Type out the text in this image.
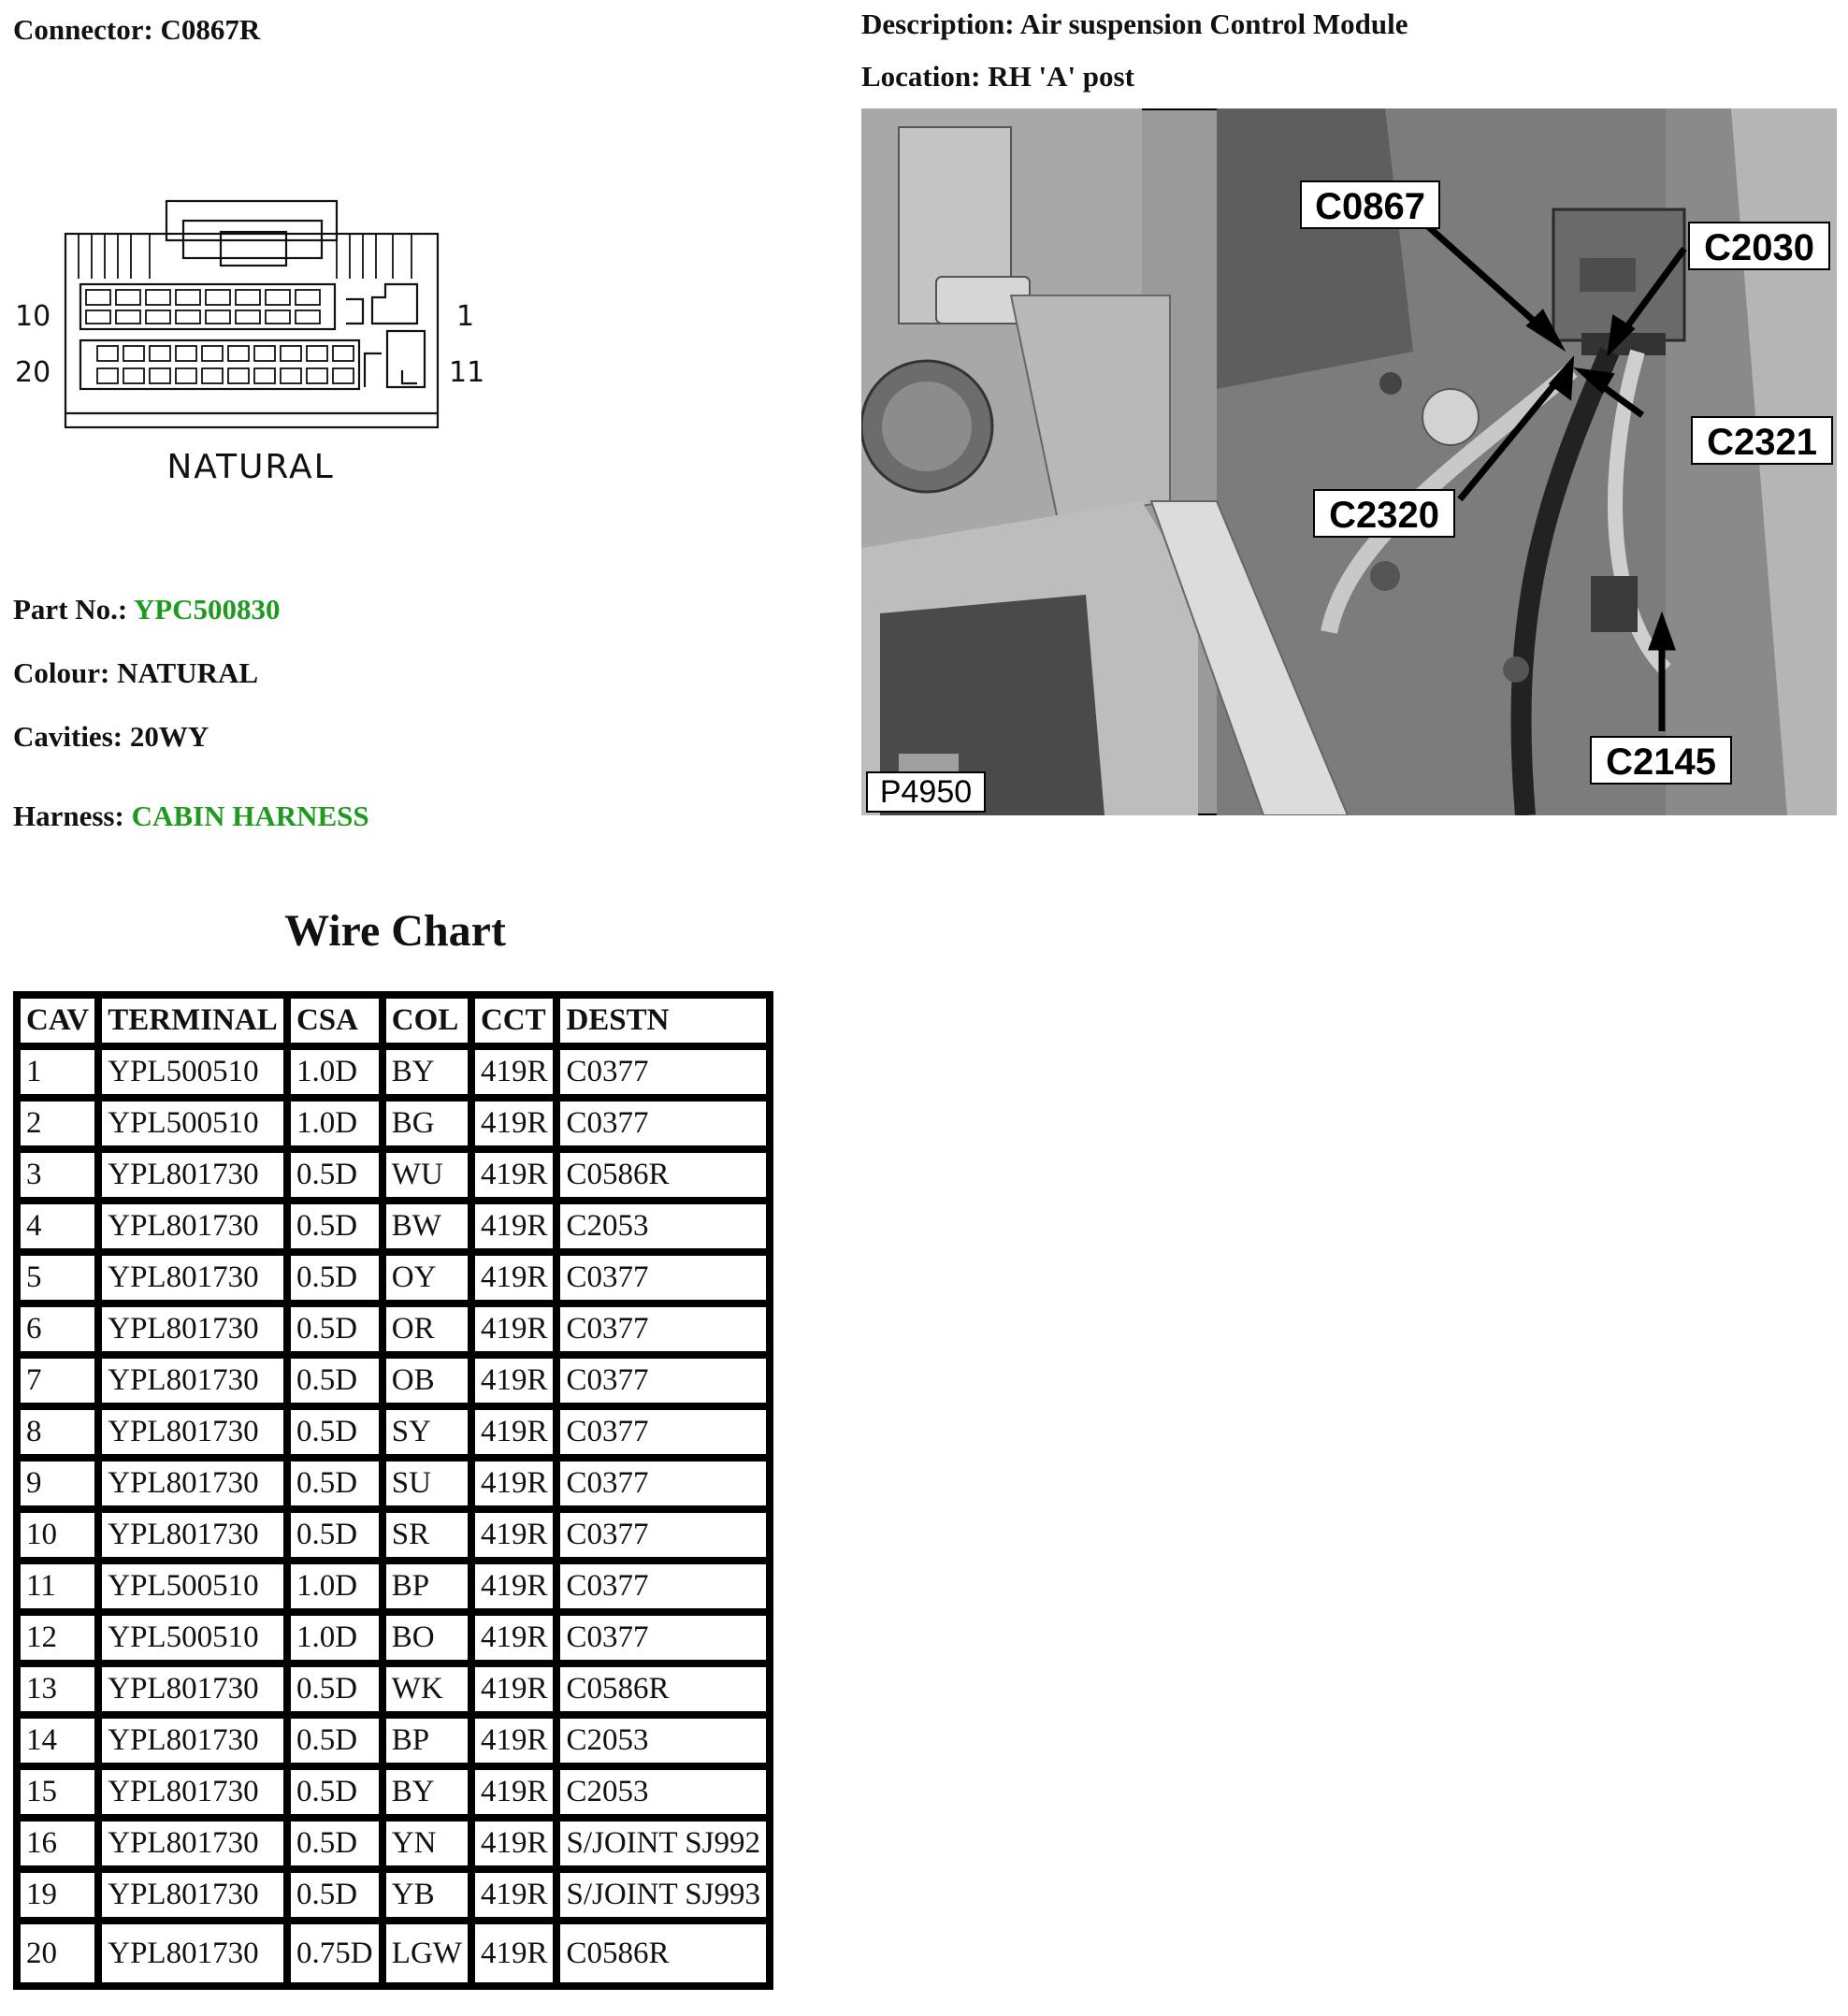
Connector: C0867R	Description: Air suspension Control Module
Location: RH 'A' post
10	1
20	11
NATURAL
Part No.: YPC500830
Colour: NATURAL
Cavities: 20WY
Harness: CABIN HARNESS
C0867
C2030
C2321
C2320
C2145
P4950
Wire Chart
CAV	TERMINAL	CSA	COL	CCT	DESTN
1	YPL500510	1.0D	BY	419R	C0377
2	YPL500510	1.0D	BG	419R	C0377
3	YPL801730	0.5D	WU	419R	C0586R
4	YPL801730	0.5D	BW	419R	C2053
5	YPL801730	0.5D	OY	419R	C0377
6	YPL801730	0.5D	OR	419R	C0377
7	YPL801730	0.5D	OB	419R	C0377
8	YPL801730	0.5D	SY	419R	C0377
9	YPL801730	0.5D	SU	419R	C0377
10	YPL801730	0.5D	SR	419R	C0377
11	YPL500510	1.0D	BP	419R	C0377
12	YPL500510	1.0D	BO	419R	C0377
13	YPL801730	0.5D	WK	419R	C0586R
14	YPL801730	0.5D	BP	419R	C2053
15	YPL801730	0.5D	BY	419R	C2053
16	YPL801730	0.5D	YN	419R	S/JOINT SJ992
19	YPL801730	0.5D	YB	419R	S/JOINT SJ993
20	YPL801730	0.75D	LGW	419R	C0586R
